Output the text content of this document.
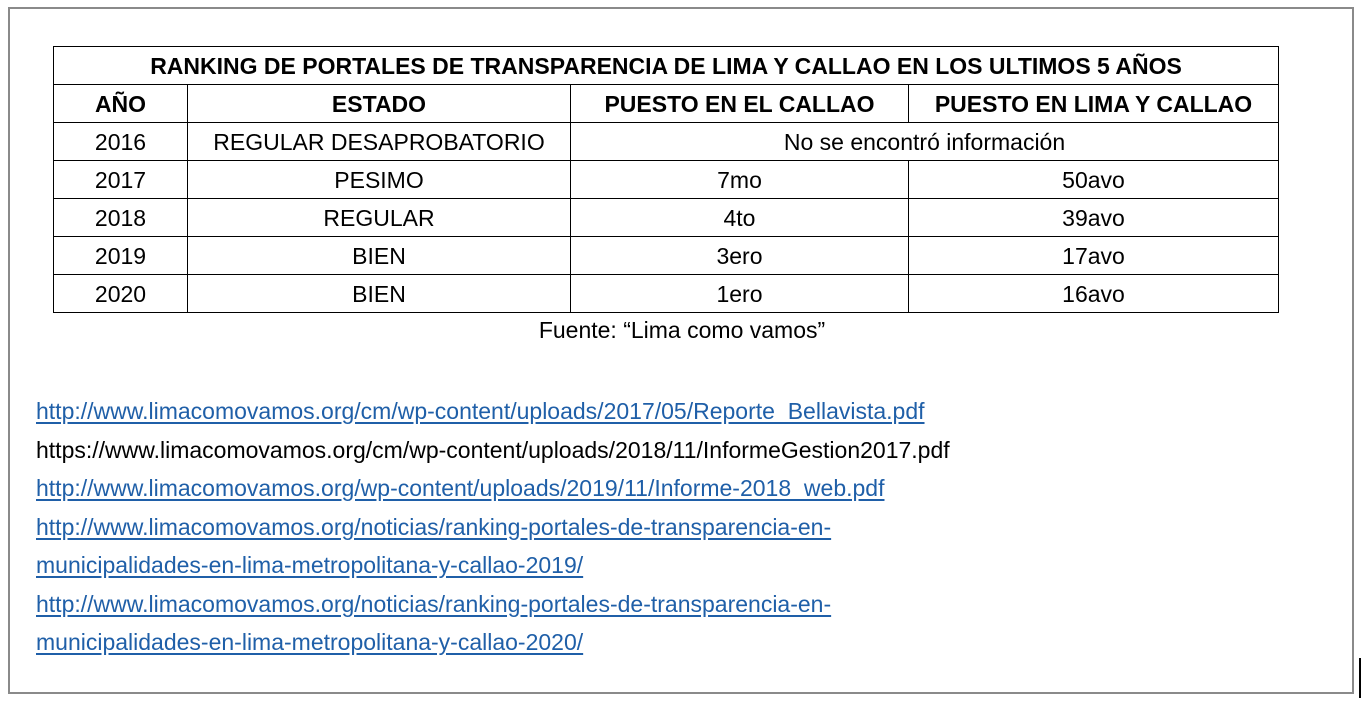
RANKING DE PORTALES DE TRANSPARENCIA DE LIMA Y CALLAO EN LOS ULTIMOS 5 AÑOS			
AÑO	ESTADO	PUESTO EN EL CALLAO	PUESTO EN LIMA Y CALLAO
2016	REGULAR DESAPROBATORIO	No se encontró información	
2017	PESIMO	7mo	50avo
2018	REGULAR	4to	39avo
2019	BIEN	3ero	17avo
2020	BIEN	1ero	16avo
Fuente: “Lima como vamos”
http://www.limacomovamos.org/cm/wp-content/uploads/2017/05/Reporte_Bellavista.pdf
https://www.limacomovamos.org/cm/wp-content/uploads/2018/11/InformeGestion2017.pdf
http://www.limacomovamos.org/wp-content/uploads/2019/11/Informe-2018_web.pdf
http://www.limacomovamos.org/noticias/ranking-portales-de-transparencia-en-
municipalidades-en-lima-metropolitana-y-callao-2019/
http://www.limacomovamos.org/noticias/ranking-portales-de-transparencia-en-
municipalidades-en-lima-metropolitana-y-callao-2020/
